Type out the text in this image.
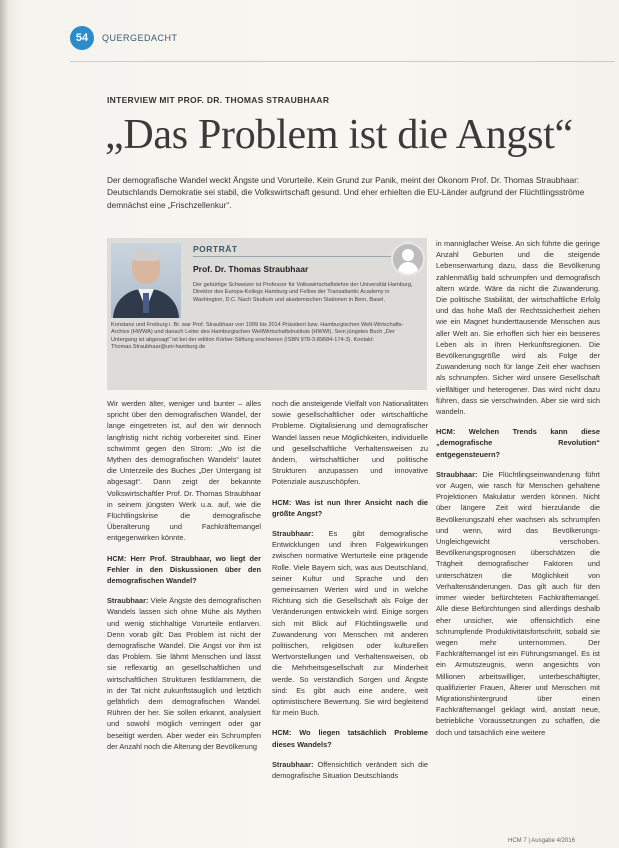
54	QUERGEDACHT
INTERVIEW MIT PROF. DR. THOMAS STRAUBHAAR
„Das Problem ist die Angst“
Der demografische Wandel weckt Ängste und Vorurteile. Kein Grund zur Panik, meint der Ökonom Prof. Dr. Thomas Straubhaar: Deutschlands Demokratie sei stabil, die Volkswirtschaft gesund. Und eher erhielten die EU-Länder aufgrund der Flüchtlingsströme demnächst eine „Frischzellenkur“.
PORTRÄT
Prof. Dr. Thomas Straubhaar
Der gebürtige Schweizer ist Professor für Volkswirtschaftslehre der Universität Hamburg, Direktor des Europa-Kollegs Hamburg und Fellow der Transatlantic Academy in Washington, D.C. Nach Studium und akademischen Stationen in Bern, Basel,
Konstanz und Freiburg i. Br. war Prof. Straubhaar von 1999 bis 2014 Präsident bzw. Hamburgischen Welt-Wirtschafts-Archivs (HWWA) und danach Leiter des Hamburgischen WeltWirtschaftsInstituts (HWWI). Sein jüngstes Buch „Der Untergang ist abgesagt“ ist bei der edition Körber-Stiftung erschienen (ISBN 978-3-89684-174-3). Kontakt: Thomas.Straubhaar@uni-hamburg.de

Wir werden älter, weniger und bunter – alles spricht über den demografischen Wandel, der lange eingetreten ist, auf den wir dennoch langfristig nicht richtig vorbereitet sind. Einer schwimmt gegen den Strom: „Wo ist die Mythen des demografischen Wandels“ lautet die Unterzeile des Buches „Der Untergang ist abgesagt“. Dann zeigt der bekannte Volkswirtschaftler Prof. Dr. Thomas Straubhaar in seinem jüngsten Werk u.a. auf, wie die Flüchtlingskrise die demografische Überalterung und Fachkräftemangel entgegenwirken könnte.

HCM: Herr Prof. Straubhaar, wo liegt der Fehler in den Diskussionen über den demografischen Wandel?

Straubhaar: Viele Ängste des demografischen Wandels lassen sich ohne Mühe als Mythen und wenig stichhaltige Vorurteile entlarven. Denn vorab gilt: Das Problem ist nicht der demografische Wandel. Die Angst vor ihm ist das Problem. Sie lähmt Menschen und lässt sie reflexartig an gesellschaftlichen und wirtschaftlichen Strukturen festklammern, die in der Tat nicht zukunftstauglich und letztlich gefährlich dem demografischen Wandel. Rühren der her. Sie sollen erkannt, analysiert und sowohl möglich verringert oder gar beseitigt werden. Aber weder ein Schrumpfen der Anzahl noch die Alterung der Bevölkerung

noch die ansteigende Vielfalt von Nationalitäten sowie gesellschaftlicher oder wirtschaftliche Probleme. Digitalisierung und demografischer Wandel lassen neue Möglichkeiten, individuelle und gesellschaftliche Verhaltensweisen zu ändern, wirtschaftlicher und politische Strukturen anzupassen und innovative Potenziale auszuschöpfen.

HCM: Was ist nun Ihrer Ansicht nach die größte Angst?

Straubhaar: Es gibt demografische Entwicklungen und ihren Folgewirkungen zwischen normative Werturteile eine prägende Rolle. Viele Bayern sich, was aus Deutschland, seiner Kultur und Sprache und den gemeinsamen Werten wird und in welche Richtung sich die Gesellschaft als Folge der Veränderungen entwickeln wird. Einige sorgen sich mit Blick auf Flüchtlingswelle und Zuwanderung von Menschen mit anderen politischen, religiösen oder kulturellen Wertvorstellungen und Verhaltensweisen, ob die Mehrheitsgesellschaft zur Minderheit werde. So verständlich Sorgen und Ängste sind: Es gibt auch eine andere, weit optimistischere Bewertung. Sie wird begleitend für mein Buch.

HCM: Wo liegen tatsächlich Probleme dieses Wandels?

Straubhaar: Offensichtlich verändert sich die demografische Situation Deutschlands

in mannigfacher Weise. An sich führte die geringe Anzahl Geburten und die steigende Lebenserwartung dazu, dass die Bevölkerung zahlenmäßig bald schrumpfen und demografisch altern würde. Wäre da nicht die Zuwanderung. Die politische Stabilität, der wirtschaftliche Erfolg und das hohe Maß der Rechtssicherheit ziehen wie ein Magnet hunderttausende Menschen aus aller Welt an. Sie erhoffen sich hier ein besseres Leben als in ihren Herkunftsregionen. Die Bevölkerungsgröße wird als Folge der Zuwanderung noch für lange Zeit eher wachsen als schrumpfen. Sicher wird unsere Gesellschaft vielfältiger und heterogener. Das wird nicht dazu führen, dass sie verschwinden. Aber sie wird sich wandeln.

HCM: Welchen Trends kann diese „demografische Revolution“ entgegensteuern?

Straubhaar: Die Flüchtlingseinwanderung führt vor Augen, wie rasch für Menschen gehaltene Projektionen Makulatur werden können. Nicht über längere Zeit wird hierzulande die Bevölkerungszahl eher wachsen als schrumpfen und wenn, wird das Bevölkerungs-Ungleichgewicht verschoben. Bevölkerungsprognosen überschätzen die Trägheit demografischer Faktoren und unterschätzen die Möglichkeit von Verhaltensänderungen. Das gilt auch für den immer wieder befürchteten Fachkräftemangel. Alle diese Befürchtungen sind allerdings deshalb eher unsicher, wie offensichtlich eine schrumpfende Produktivitätsfortschritt, sobald sie wegen mehr unternommen. Der Fachkräftemangel ist ein Führungsmangel. Es ist ein Armutszeugnis, wenn angesichts von Millionen arbeitswilliger, unterbeschäftigter, qualifizierter Frauen, Älterer und Menschen mit Migrationshintergrund über einen Fachkräftemangel geklagt wird, anstatt neue, betriebliche Voraussetzungen zu schaffen, die doch und tatsächlich eine weitere

HCM 7 | Ausgabe 4/2016
